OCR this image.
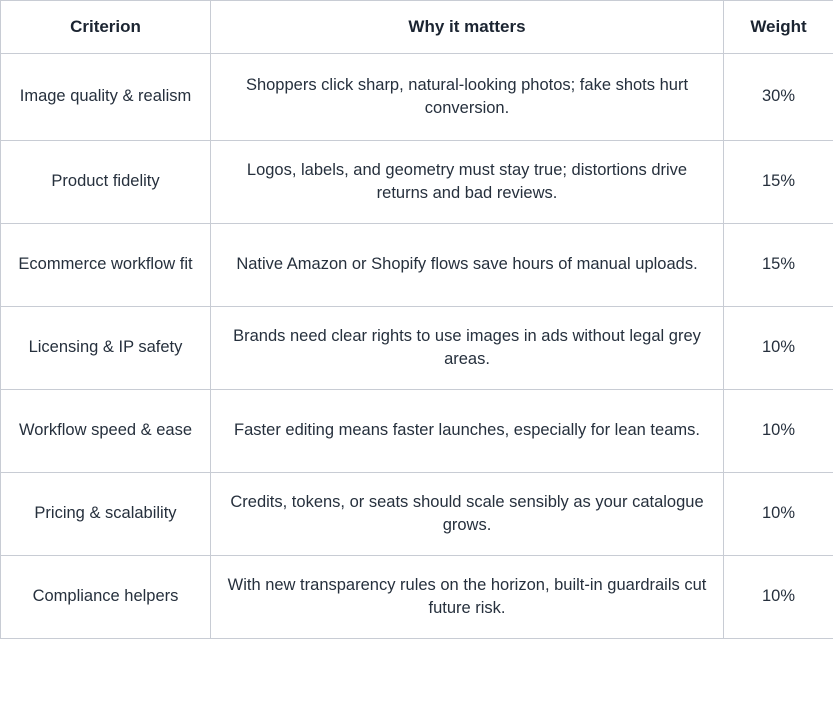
Criterion	Why it matters	Weight
Image quality & realism	Shoppers click sharp, natural-looking photos; fake shots hurt conversion.	30%
Product fidelity	Logos, labels, and geometry must stay true; distortions drive returns and bad reviews.	15%
Ecommerce workflow fit	Native Amazon or Shopify flows save hours of manual uploads.	15%
Licensing & IP safety	Brands need clear rights to use images in ads without legal grey areas.	10%
Workflow speed & ease	Faster editing means faster launches, especially for lean teams.	10%
Pricing & scalability	Credits, tokens, or seats should scale sensibly as your catalogue grows.	10%
Compliance helpers	With new transparency rules on the horizon, built-in guardrails cut future risk.	10%
